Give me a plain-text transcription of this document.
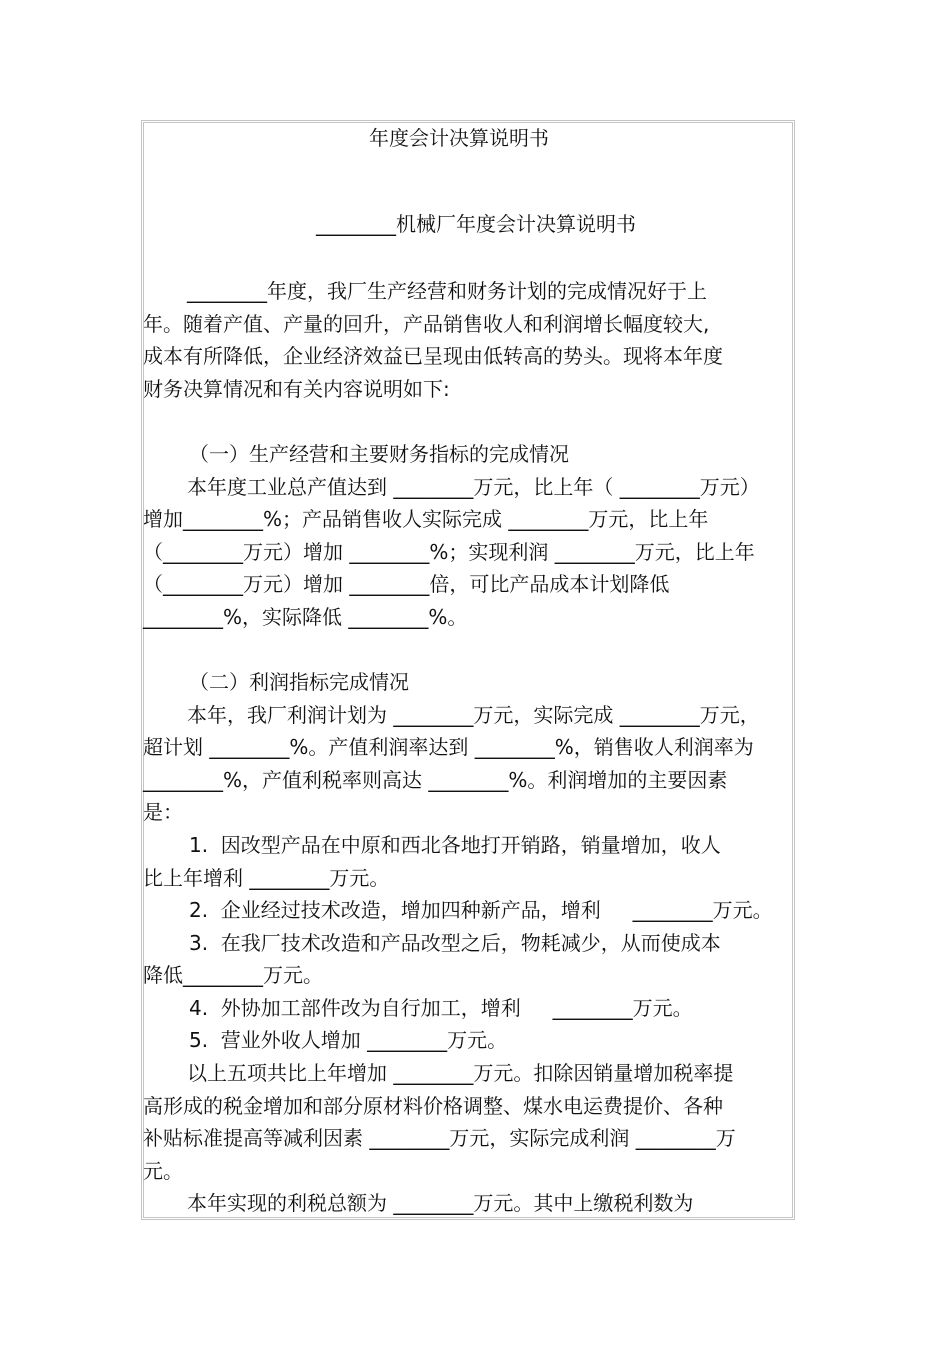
年度会计决算说明书
________机械厂年度会计决算说明书
________年度，我厂生产经营和财务计划的完成情况好于上
年。随着产值、产量的回升，产品销售收人和利润增长幅度较大,
成本有所降低，企业经济效益已呈现由低转高的势头。现将本年度
财务决算情况和有关内容说明如下:
（一）生产经营和主要财务指标的完成情况
本年度工业总产值达到 ________万元，比上年（ ________万元）
增加________%；产品销售收人实际完成 ________万元，比上年
（________万元）增加 ________%；实现利润 ________万元，比上年
（________万元）增加 ________倍，可比产品成本计划降低
________%，实际降低 ________%。
（二）利润指标完成情况
本年，我厂利润计划为 ________万元，实际完成 ________万元，
超计划 ________%。产值利润率达到 ________%，销售收人利润率为
________%，产值利税率则高达 ________%。利润增加的主要因素
是：
1.  因改型产品在中原和西北各地打开销路，销量增加，收人
比上年增利 ________万元。
2.  企业经过技术改造，增加四种新产品，增利     ________万元。
3.  在我厂技术改造和产品改型之后，物耗减少，从而使成本
降低________万元。
4.  外协加工部件改为自行加工，增利     ________万元。
5.  营业外收人增加 ________万元。
以上五项共比上年增加 ________万元。扣除因销量增加税率提
高形成的税金增加和部分原材料价格调整、煤水电运费提价、各种
补贴标准提高等减利因素 ________万元，实际完成利润 ________万
元。
本年实现的利税总额为 ________万元。其中上缴税利数为
